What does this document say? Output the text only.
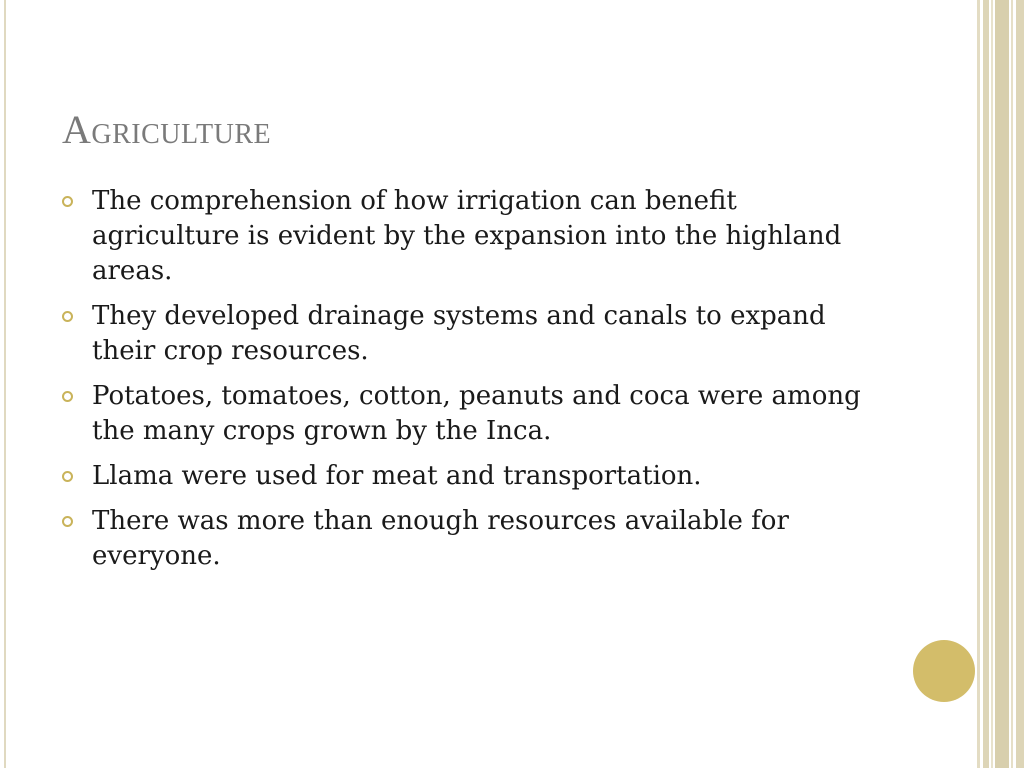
Agriculture
The comprehension of how irrigation can benefit agriculture is evident by the expansion into the highland areas.
They developed drainage systems and canals to expand their crop resources.
Potatoes, tomatoes, cotton, peanuts and coca were among the many crops grown by the Inca.
Llama were used for meat and transportation.
There was more than enough resources available for everyone.
